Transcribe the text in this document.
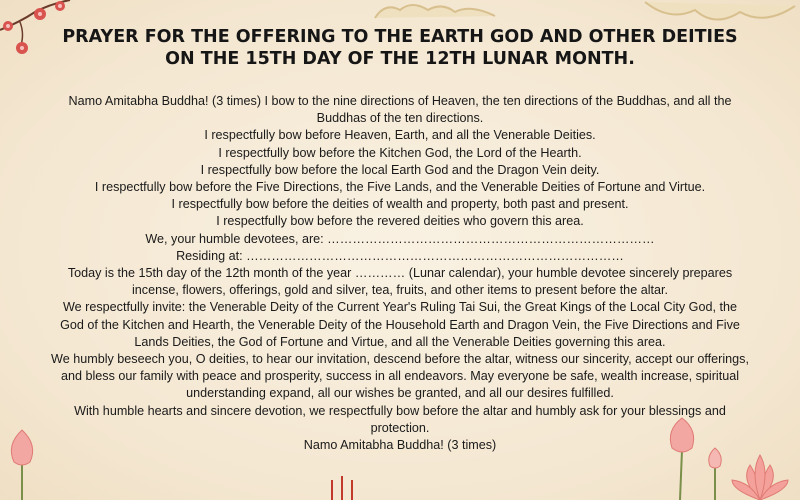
PRAYER FOR THE OFFERING TO THE EARTH GOD AND OTHER DEITIES ON THE 15TH DAY OF THE 12TH LUNAR MONTH.

Namo Amitabha Buddha! (3 times) I bow to the nine directions of Heaven, the ten directions of the Buddhas, and all the Buddhas of the ten directions.

I respectfully bow before Heaven, Earth, and all the Venerable Deities.

I respectfully bow before the Kitchen God, the Lord of the Hearth.

I respectfully bow before the local Earth God and the Dragon Vein deity.

I respectfully bow before the Five Directions, the Five Lands, and the Venerable Deities of Fortune and Virtue.

I respectfully bow before the deities of wealth and property, both past and present.

I respectfully bow before the revered deities who govern this area.

We, your humble devotees, are: ……………………………………………………………………

Residing at: ………………………………………………………………………………

Today is the 15th day of the 12th month of the year ………… (Lunar calendar), your humble devotee sincerely prepares incense, flowers, offerings, gold and silver, tea, fruits, and other items to present before the altar.

We respectfully invite: the Venerable Deity of the Current Year's Ruling Tai Sui, the Great Kings of the Local City God, the God of the Kitchen and Hearth, the Venerable Deity of the Household Earth and Dragon Vein, the Five Directions and Five Lands Deities, the God of Fortune and Virtue, and all the Venerable Deities governing this area.

We humbly beseech you, O deities, to hear our invitation, descend before the altar, witness our sincerity, accept our offerings, and bless our family with peace and prosperity, success in all endeavors. May everyone be safe, wealth increase, spiritual understanding expand, all our wishes be granted, and all our desires fulfilled.

With humble hearts and sincere devotion, we respectfully bow before the altar and humbly ask for your blessings and protection.

Namo Amitabha Buddha! (3 times)
